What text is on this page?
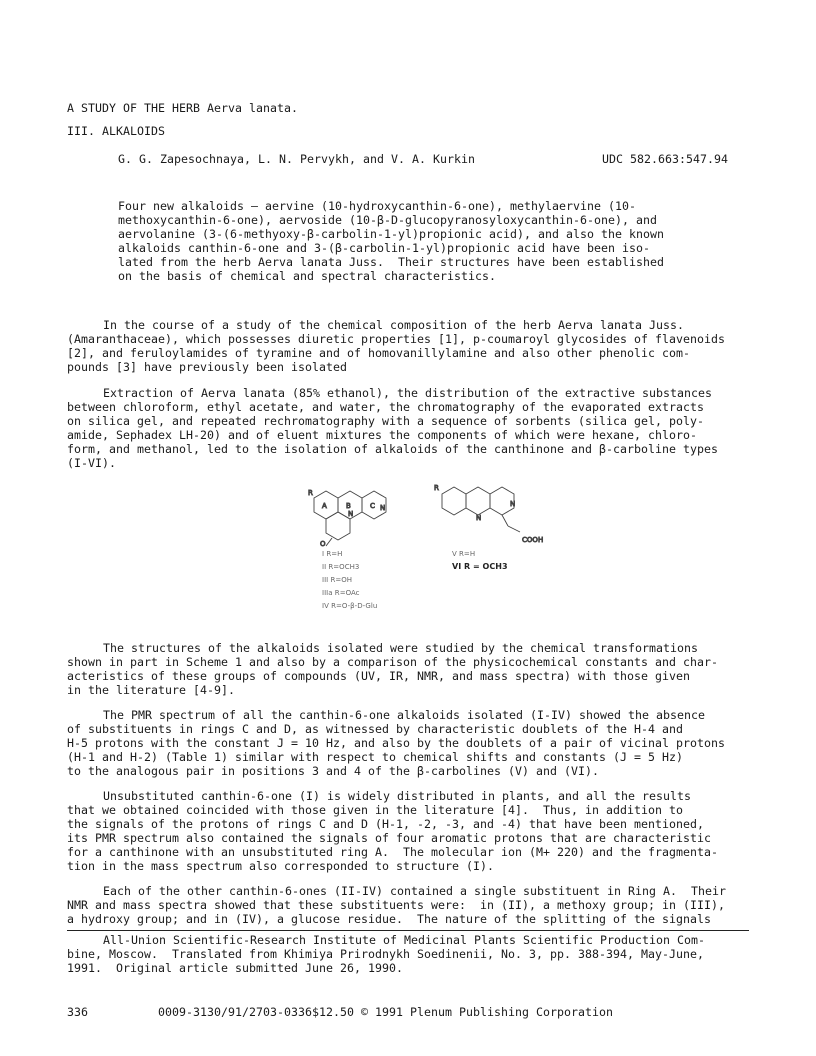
A STUDY OF THE HERB Aerva lanata.
III. ALKALOIDS
G. G. Zapesochnaya, L. N. Pervykh, and V. A. Kurkin	UDC 582.663:547.94
Four new alkaloids — aervine (10-hydroxycanthin-6-one), methylaervine (10-
methoxycanthin-6-one), aervoside (10-β-D-glucopyranosyloxycanthin-6-one), and
aervolanine (3-(6-methyoxy-β-carbolin-1-yl)propionic acid), and also the known
alkaloids canthin-6-one and 3-(β-carbolin-1-yl)propionic acid have been iso-
lated from the herb Aerva lanata Juss.  Their structures have been established
on the basis of chemical and spectral characteristics.
In the course of a study of the chemical composition of the herb Aerva lanata Juss.
(Amaranthaceae), which possesses diuretic properties [1], p-coumaroyl glycosides of flavenoids
[2], and feruloylamides of tyramine and of homovanillylamine and also other phenolic com-
pounds [3] have previously been isolated
Extraction of Aerva lanata (85% ethanol), the distribution of the extractive substances
between chloroform, ethyl acetate, and water, the chromatography of the evaporated extracts
on silica gel, and repeated rechromatography with a sequence of sorbents (silica gel, poly-
amide, Sephadex LH-20) and of eluent mixtures the components of which were hexane, chloro-
form, and methanol, led to the isolation of alkaloids of the canthinone and β-carboline types
(I-VI).
R
O
N
N
A	B	C
R
N
N
COOH
I R=H
II R=OCH3
III R=OH
IIIa R=OAc
IV R=O-β-D-Glu
V R=H
VI R = OCH3
The structures of the alkaloids isolated were studied by the chemical transformations
shown in part in Scheme 1 and also by a comparison of the physicochemical constants and char-
acteristics of these groups of compounds (UV, IR, NMR, and mass spectra) with those given
in the literature [4-9].
The PMR spectrum of all the canthin-6-one alkaloids isolated (I-IV) showed the absence
of substituents in rings C and D, as witnessed by characteristic doublets of the H-4 and
H-5 protons with the constant J = 10 Hz, and also by the doublets of a pair of vicinal protons
(H-1 and H-2) (Table 1) similar with respect to chemical shifts and constants (J = 5 Hz)
to the analogous pair in positions 3 and 4 of the β-carbolines (V) and (VI).
Unsubstituted canthin-6-one (I) is widely distributed in plants, and all the results
that we obtained coincided with those given in the literature [4].  Thus, in addition to
the signals of the protons of rings C and D (H-1, -2, -3, and -4) that have been mentioned,
its PMR spectrum also contained the signals of four aromatic protons that are characteristic
for a canthinone with an unsubstituted ring A.  The molecular ion (M+ 220) and the fragmenta-
tion in the mass spectrum also corresponded to structure (I).
Each of the other canthin-6-ones (II-IV) contained a single substituent in Ring A.  Their
NMR and mass spectra showed that these substituents were:  in (II), a methoxy group; in (III),
a hydroxy group; and in (IV), a glucose residue.  The nature of the splitting of the signals
All-Union Scientific-Research Institute of Medicinal Plants Scientific Production Com-
bine, Moscow.  Translated from Khimiya Prirodnykh Soedinenii, No. 3, pp. 388-394, May-June,
1991.  Original article submitted June 26, 1990.
336	0009-3130/91/2703-0336$12.50 © 1991 Plenum Publishing Corporation
